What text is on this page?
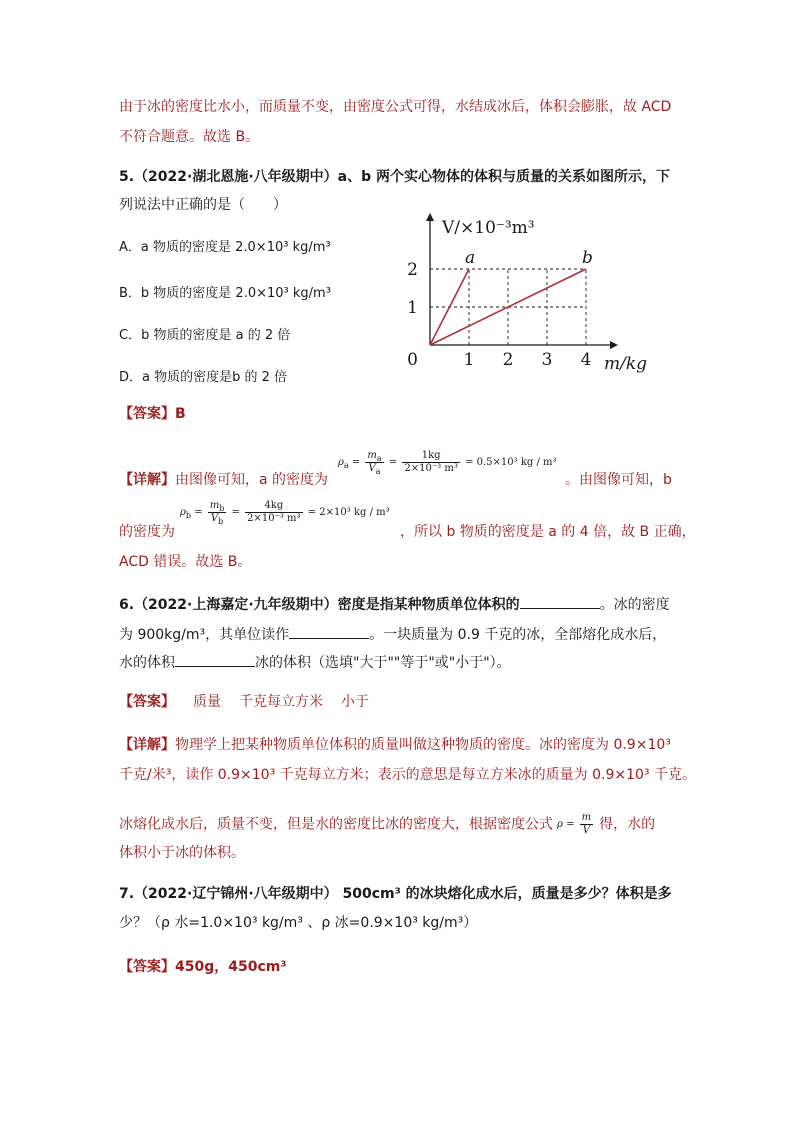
由于冰的密度比水小，而质量不变，由密度公式可得，水结成冰后，体积会膨胀，故 ACD
不符合题意。故选 B。
5.（2022·湖北恩施·八年级期中）a、b 两个实心物体的体积与质量的关系如图所示，下
列说法中正确的是（　　）
A．a 物质的密度是 2.0×10³ kg/m³
B．b 物质的密度是 2.0×10³ kg/m³
C．b 物质的密度是 a 的 2 倍
D．a 物质的密度是b 的 2 倍
a	b
1 2 3 4
1
2
0
V/×10⁻³m³
m/kg
【答案】B
【详解】由图像可知，a 的密度为
$\rho_a = \frac{m_a}{V_a} = \frac{1kg}{\text{2×10⁻³ m³}} = 0.5\times 10^3$ kg / m³
。由图像可知，b
的密度为
$\rho_b = \frac{m_b}{V_b} = \frac{4kg}{\text{2×10⁻³ m³}} = 2\times 10^3$ kg / m³
，所以 b 物质的密度是 a 的 4 倍，故 B 正确，
ACD 错误。故选 B。
6.（2022·上海嘉定·九年级期中）密度是指某种物质单位体积的	。冰的密度
为 900kg/m³，其单位读作	。一块质量为 0.9 千克的冰，全部熔化成水后，
水的体积	冰的体积（选填"大于""等于"或"小于"）。
【答案】 质量 千克每立方米 小于
【详解】物理学上把某种物质单位体积的质量叫做这种物质的密度。冰的密度为 0.9×10³
千克/米³，读作 0.9×10³ 千克每立方米；表示的意思是每立方米冰的质量为 0.9×10³ 千克。
冰熔化成水后，质量不变，但是水的密度比冰的密度大，根据密度公式 $\rho = \frac{m}{V}$ 得，水的
体积小于冰的体积。
7.（2022·辽宁锦州·八年级期中） 500cm³ 的冰块熔化成水后，质量是多少？体积是多
少？（ρ 水=1.0×10³ kg/m³ 、ρ 冰=0.9×10³ kg/m³）
【答案】450g，450cm³
